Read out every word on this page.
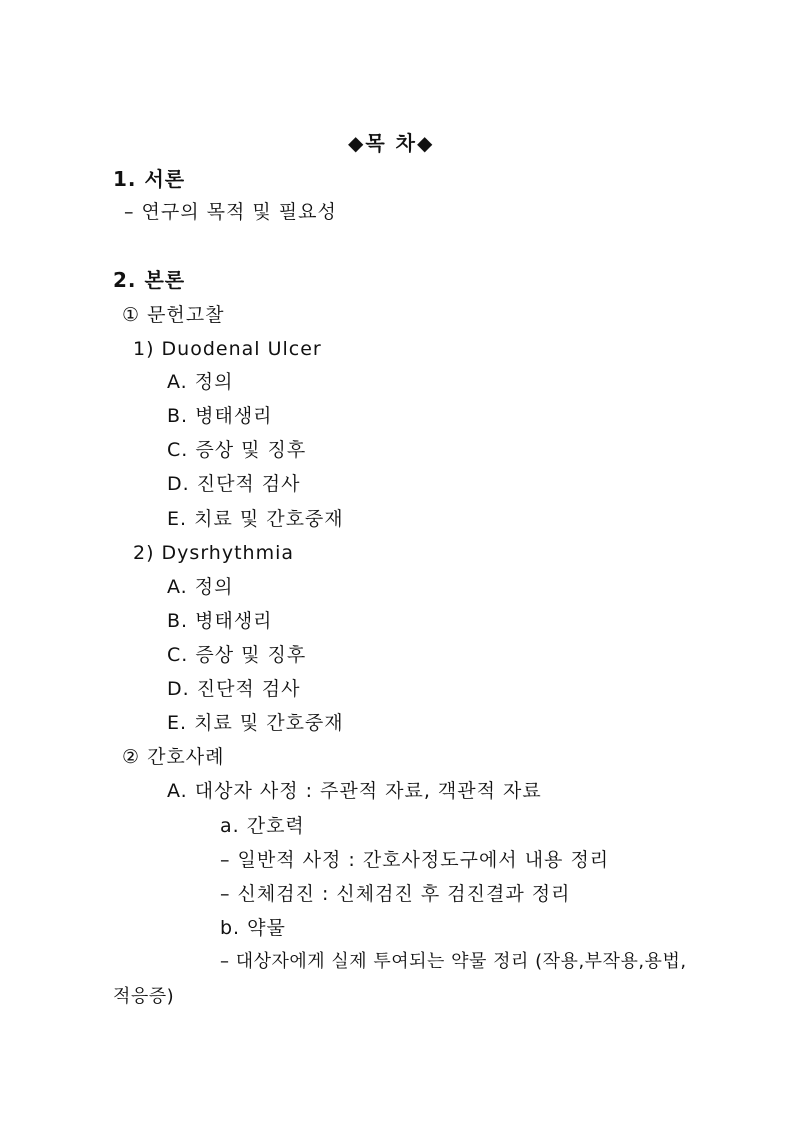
◆목 차◆
1. 서론
– 연구의 목적 및 필요성
2. 본론
① 문헌고찰
1) Duodenal Ulcer
A. 정의
B. 병태생리
C. 증상 및 징후
D. 진단적 검사
E. 치료 및 간호중재
2) Dysrhythmia
A. 정의
B. 병태생리
C. 증상 및 징후
D. 진단적 검사
E. 치료 및 간호중재
② 간호사례
A. 대상자 사정 : 주관적 자료, 객관적 자료
a. 간호력
– 일반적 사정 : 간호사정도구에서 내용 정리
– 신체검진 : 신체검진 후 검진결과 정리
b. 약물
– 대상자에게 실제 투여되는 약물 정리 (작용,부작용,용법,
적응증)
